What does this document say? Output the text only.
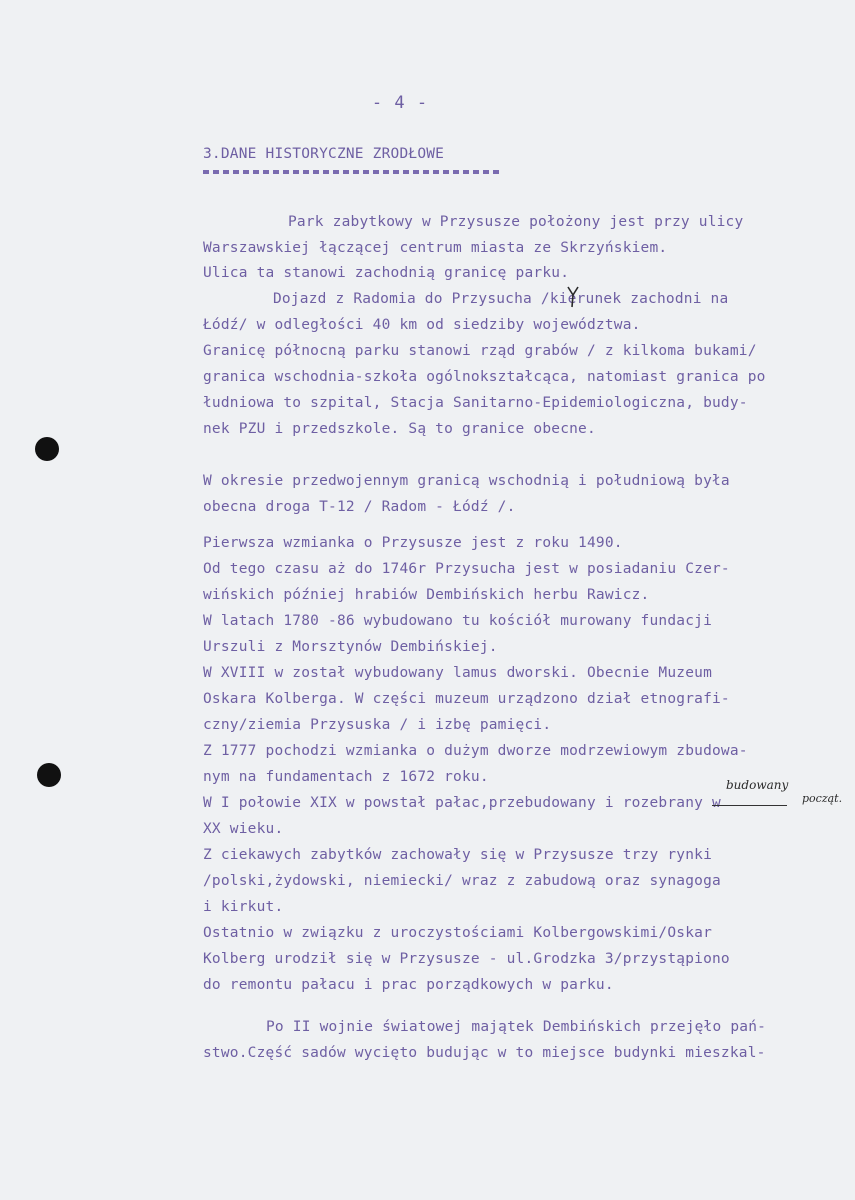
- 4 -
3.DANE HISTORYCZNE ZRODŁOWE
Park zabytkowy w Przysusze położony jest przy ulicy
Warszawskiej łączącej centrum miasta ze Skrzyńskiem.
Ulica ta stanowi zachodnią granicę parku.
Dojazd z Radomia do Przysucha /kierunek zachodni na
Łódź/ w odległości 40 km od siedziby województwa.
Granicę północną parku stanowi rząd grabów / z kilkoma bukami/
granica wschodnia-szkoła ogólnokształcąca, natomiast granica po
łudniowa to szpital, Stacja Sanitarno-Epidemiologiczna, budy-
nek PZU i przedszkole. Są to granice obecne.
W okresie przedwojennym granicą wschodnią i południową była
obecna droga T-12 / Radom - Łódź /.
Pierwsza wzmianka o Przysusze jest z roku 1490.
Od tego czasu aż do 1746r Przysucha jest w posiadaniu Czer-
wińskich później hrabiów Dembińskich herbu Rawicz.
W latach 1780 -86 wybudowano tu kościół murowany fundacji
Urszuli z Morsztynów Dembińskiej.
W XVIII w został wybudowany lamus dworski. Obecnie Muzeum
Oskara Kolberga. W części muzeum urządzono dział etnografi-
czny/ziemia Przysuska / i izbę pamięci.
Z 1777 pochodzi wzmianka o dużym dworze modrzewiowym zbudowa-
nym na fundamentach z 1672 roku.
W I połowie XIX w powstał pałac,przebudowany i rozebrany w
XX wieku.
Z ciekawych zabytków zachowały się w Przysusze trzy rynki
/polski,żydowski, niemiecki/ wraz z zabudową oraz synagoga
i kirkut.
Ostatnio w związku z uroczystościami Kolbergowskimi/Oskar
Kolberg urodził się w Przysusze - ul.Grodzka 3/przystąpiono
do remontu pałacu i prac porządkowych w parku.
Po II wojnie światowej majątek Dembińskich przejęło pań-
stwo.Część sadów wycięto budując w to miejsce budynki mieszkal-
budowany
począt.
